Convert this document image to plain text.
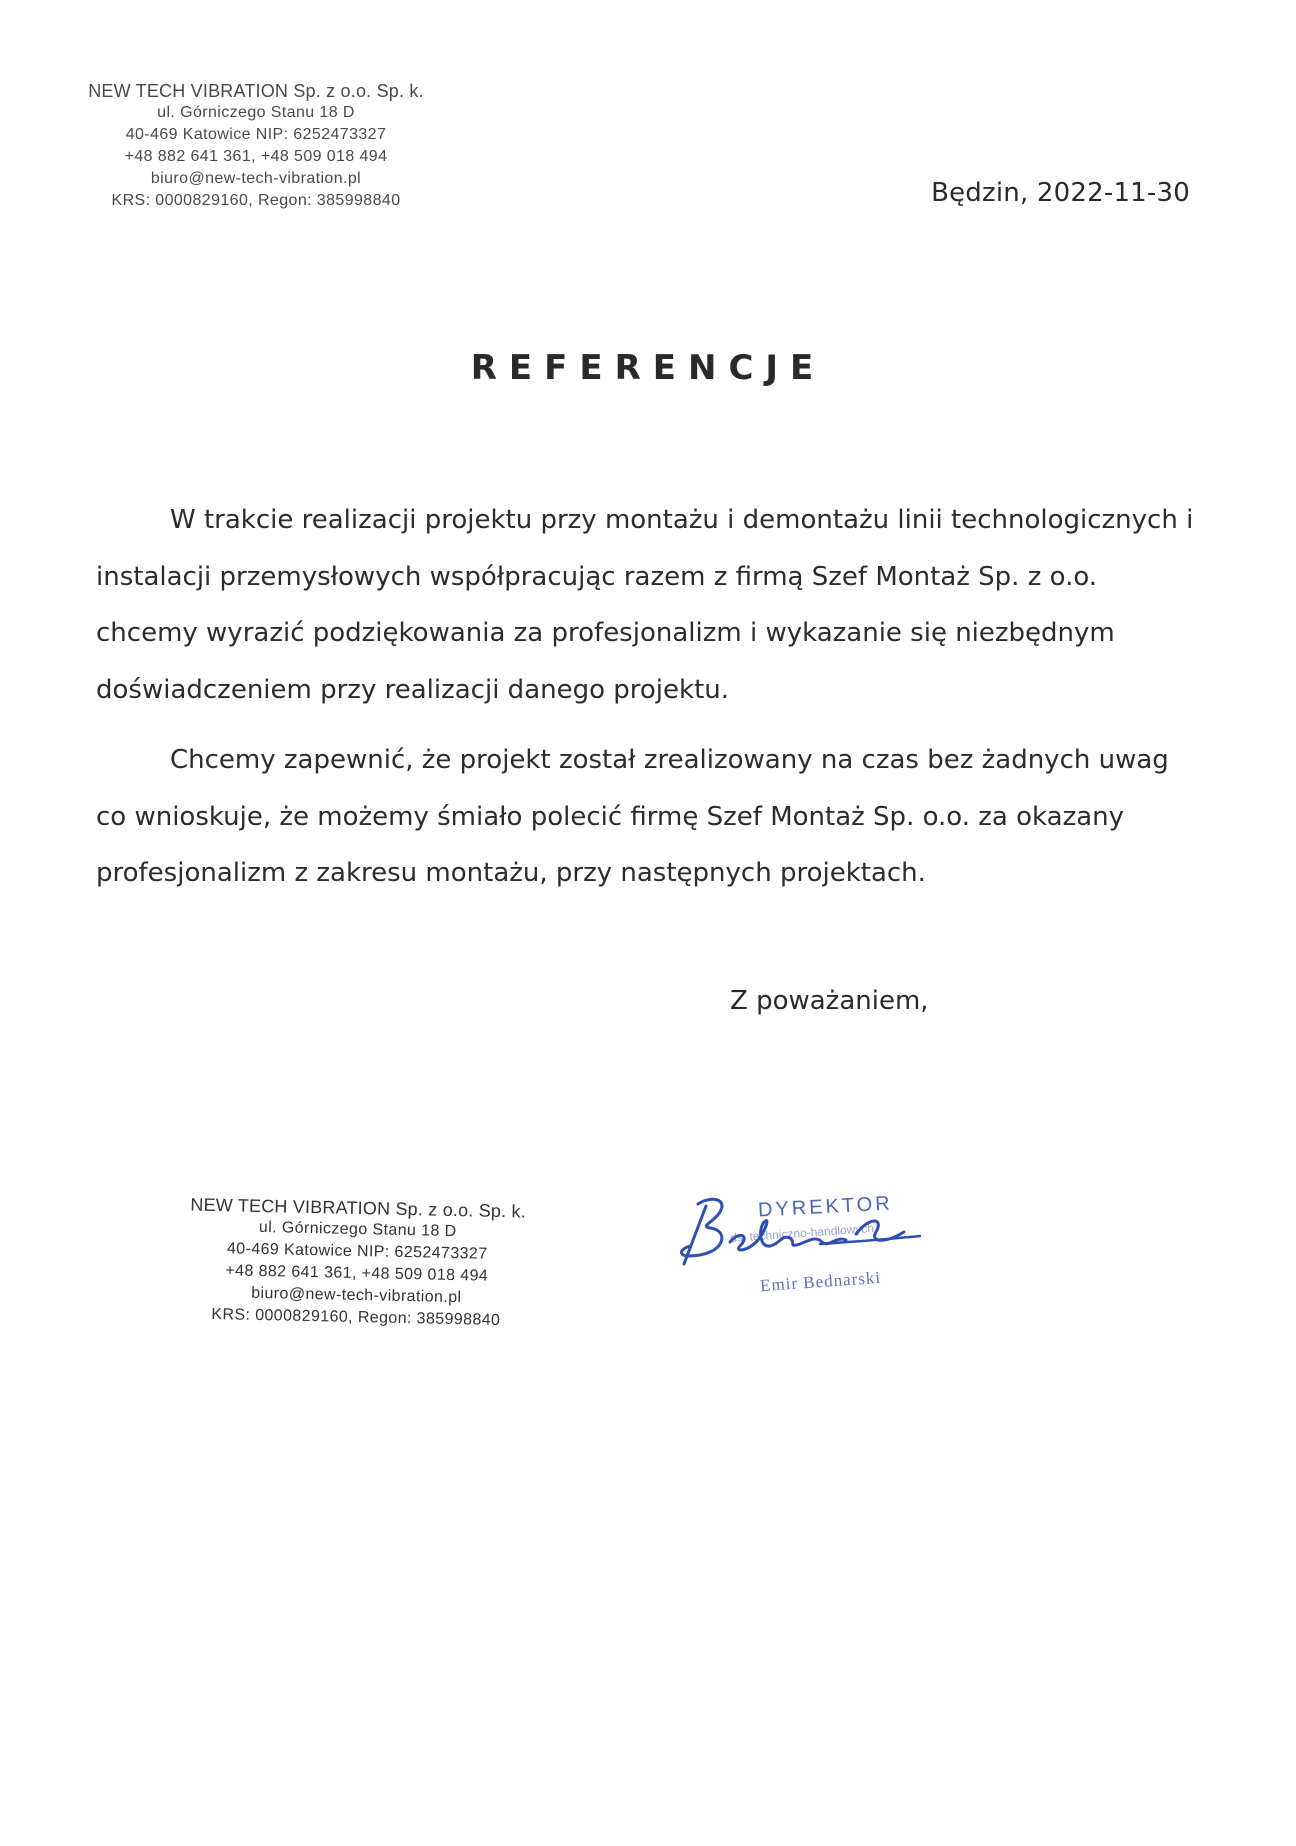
NEW TECH VIBRATION Sp. z o.o. Sp. k.
ul. Górniczego Stanu 18 D
40-469 Katowice NIP: 6252473327
+48 882 641 361, +48 509 018 494
biuro@new-tech-vibration.pl
KRS: 0000829160, Regon: 385998840	Będzin, 2022-11-30
REFERENCJE

W trakcie realizacji projektu przy montażu i demontażu linii technologicznych i instalacji przemysłowych współpracując razem z firmą Szef Montaż Sp. z o.o. chcemy wyrazić podziękowania za profesjonalizm i wykazanie się niezbędnym doświadczeniem przy realizacji danego projektu.

Chcemy zapewnić, że projekt został zrealizowany na czas bez żadnych uwag co wnioskuje, że możemy śmiało polecić firmę Szef Montaż Sp. o.o. za okazany profesjonalizm z zakresu montażu, przy następnych projektach.

Z poważaniem,
NEW TECH VIBRATION Sp. z o.o. Sp. k.
ul. Górniczego Stanu 18 D
40-469 Katowice NIP: 6252473327
+48 882 641 361, +48 509 018 494
biuro@new-tech-vibration.pl
KRS: 0000829160, Regon: 385998840
DYREKTOR
ds. techniczno-handlowych
Emir Bednarski
